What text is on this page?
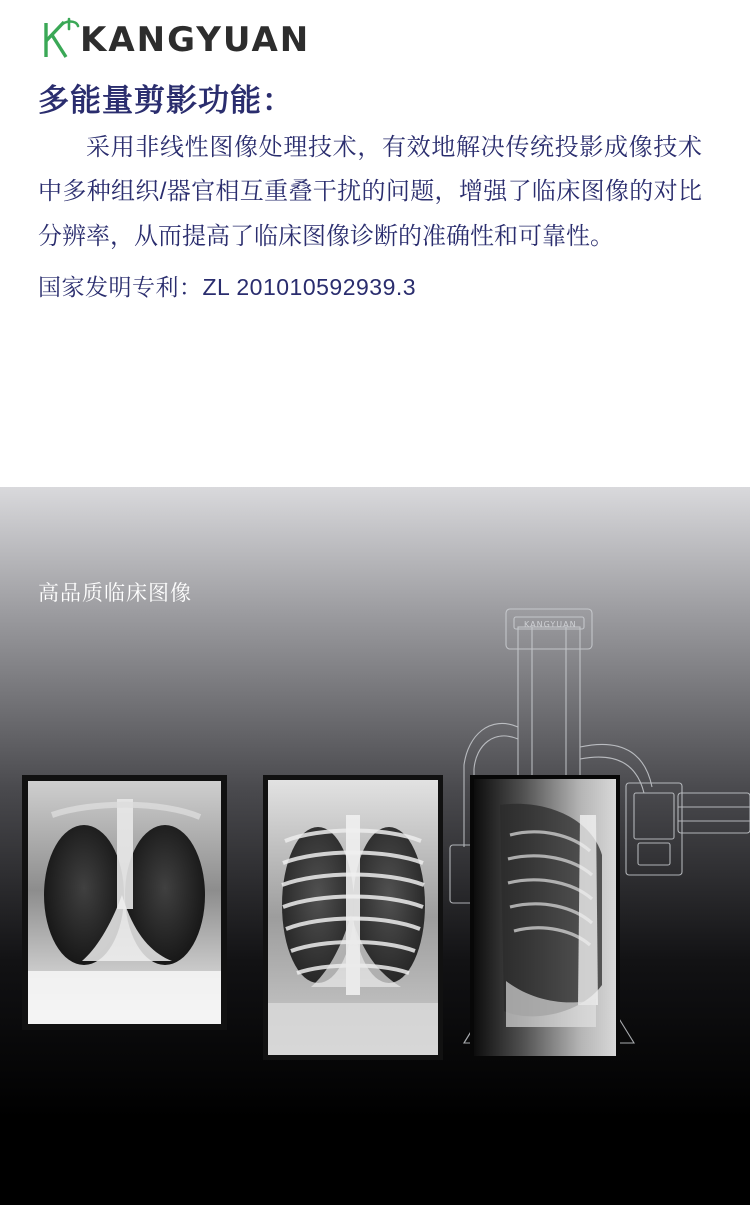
KANGYUAN
多能量剪影功能：

采用非线性图像处理技术，有效地解决传统投影成像技术中多种组织/器官相互重叠干扰的问题，增强了临床图像的对比分辨率，从而提高了临床图像诊断的准确性和可靠性。

国家发明专利：ZL 201010592939.3

高品质临床图像
KANGYUAN
